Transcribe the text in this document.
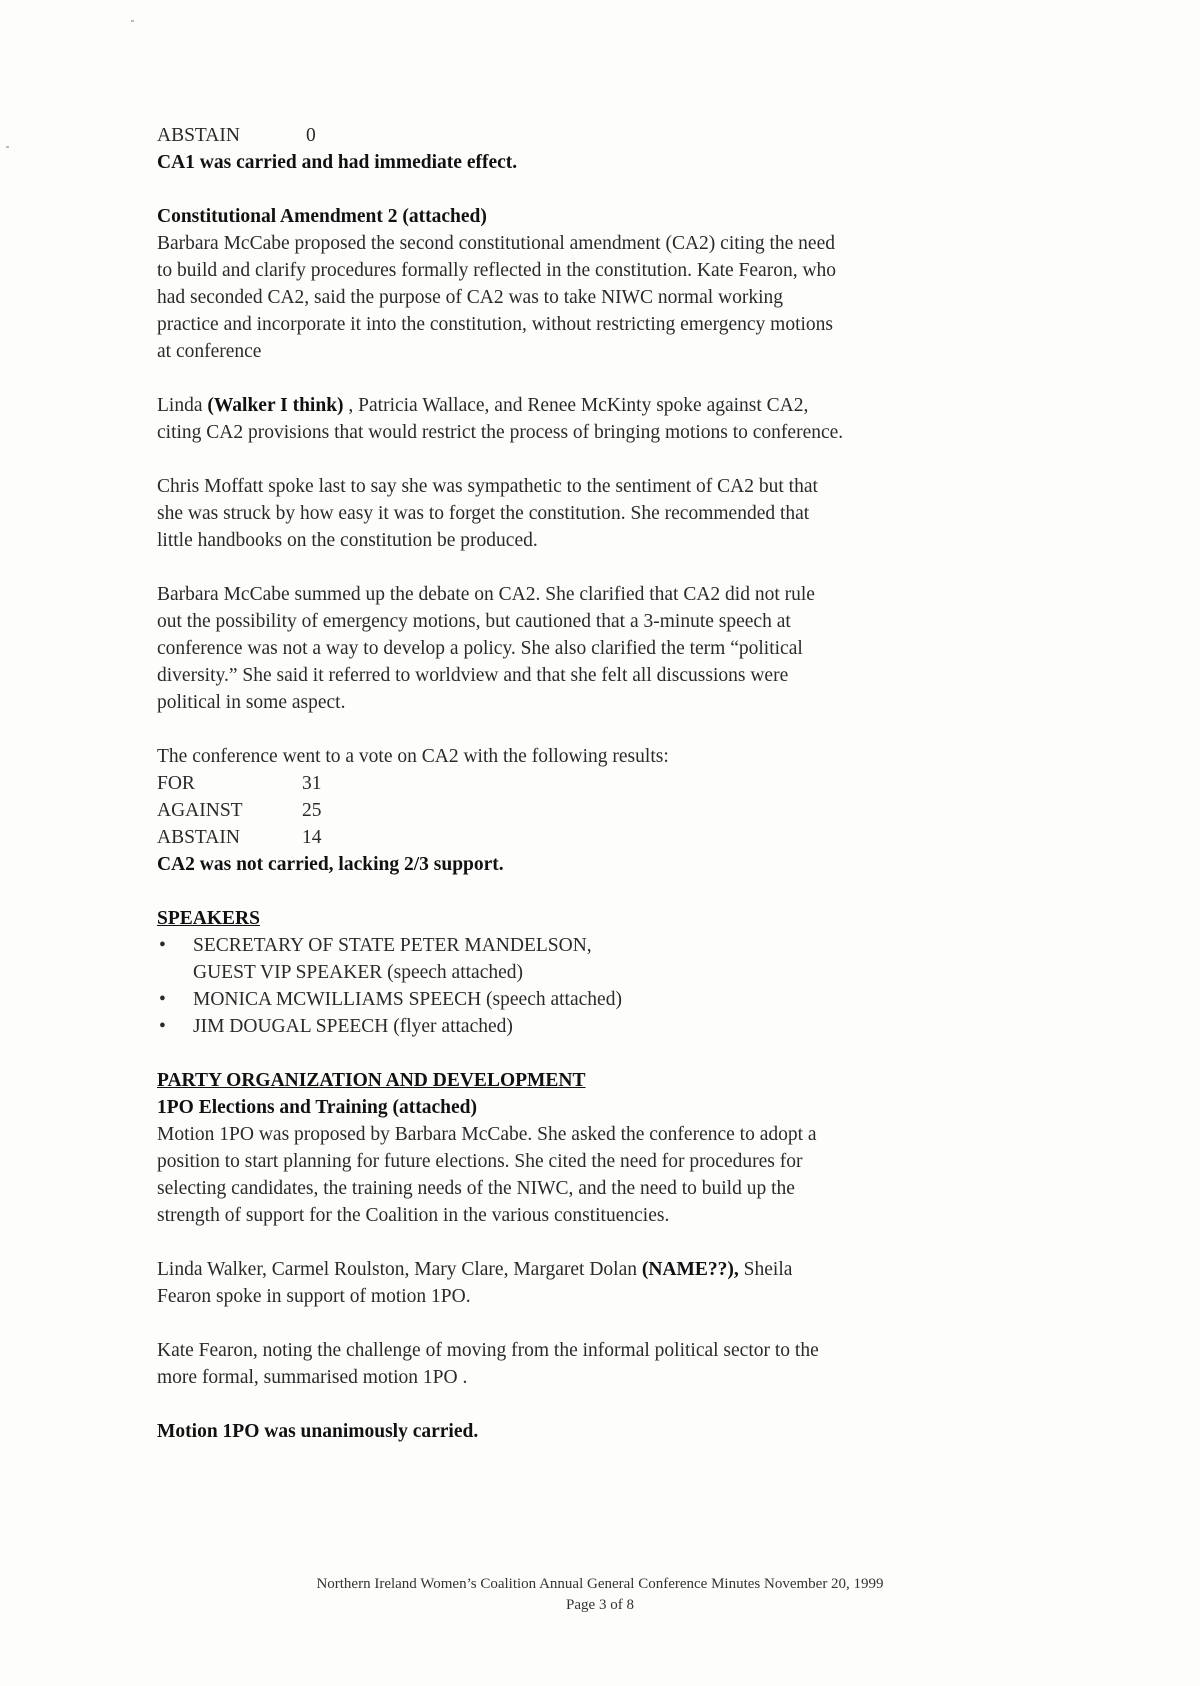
ABSTAIN	0
CA1 was carried and had immediate effect.
Constitutional Amendment 2 (attached)
Barbara McCabe proposed the second constitutional amendment (CA2) citing the need
to build and clarify procedures formally reflected in the constitution. Kate Fearon, who
had seconded CA2, said the purpose of CA2 was to take NIWC normal working
practice and incorporate it into the constitution, without restricting emergency motions
at conference
Linda (Walker I think) , Patricia Wallace, and Renee McKinty spoke against CA2,
citing CA2 provisions that would restrict the process of bringing motions to conference.
Chris Moffatt spoke last to say she was sympathetic to the sentiment of CA2 but that
she was struck by how easy it was to forget the constitution. She recommended that
little handbooks on the constitution be produced.
Barbara McCabe summed up the debate on CA2. She clarified that CA2 did not rule
out the possibility of emergency motions, but cautioned that a 3-minute speech at
conference was not a way to develop a policy. She also clarified the term “political
diversity.” She said it referred to worldview and that she felt all discussions were
political in some aspect.
The conference went to a vote on CA2 with the following results:
FOR	31
AGAINST	25
ABSTAIN	14
CA2 was not carried, lacking 2/3 support.
SPEAKERS
• SECRETARY OF STATE PETER MANDELSON,
GUEST VIP SPEAKER (speech attached)
• MONICA MCWILLIAMS SPEECH (speech attached)
• JIM DOUGAL SPEECH (flyer attached)
PARTY ORGANIZATION AND DEVELOPMENT
1PO Elections and Training (attached)
Motion 1PO was proposed by Barbara McCabe. She asked the conference to adopt a
position to start planning for future elections. She cited the need for procedures for
selecting candidates, the training needs of the NIWC, and the need to build up the
strength of support for the Coalition in the various constituencies.
Linda Walker, Carmel Roulston, Mary Clare, Margaret Dolan (NAME??), Sheila
Fearon spoke in support of motion 1PO.
Kate Fearon, noting the challenge of moving from the informal political sector to the
more formal, summarised motion 1PO .
Motion 1PO was unanimously carried.
Northern Ireland Women’s Coalition Annual General Conference Minutes November 20, 1999
Page 3 of 8
